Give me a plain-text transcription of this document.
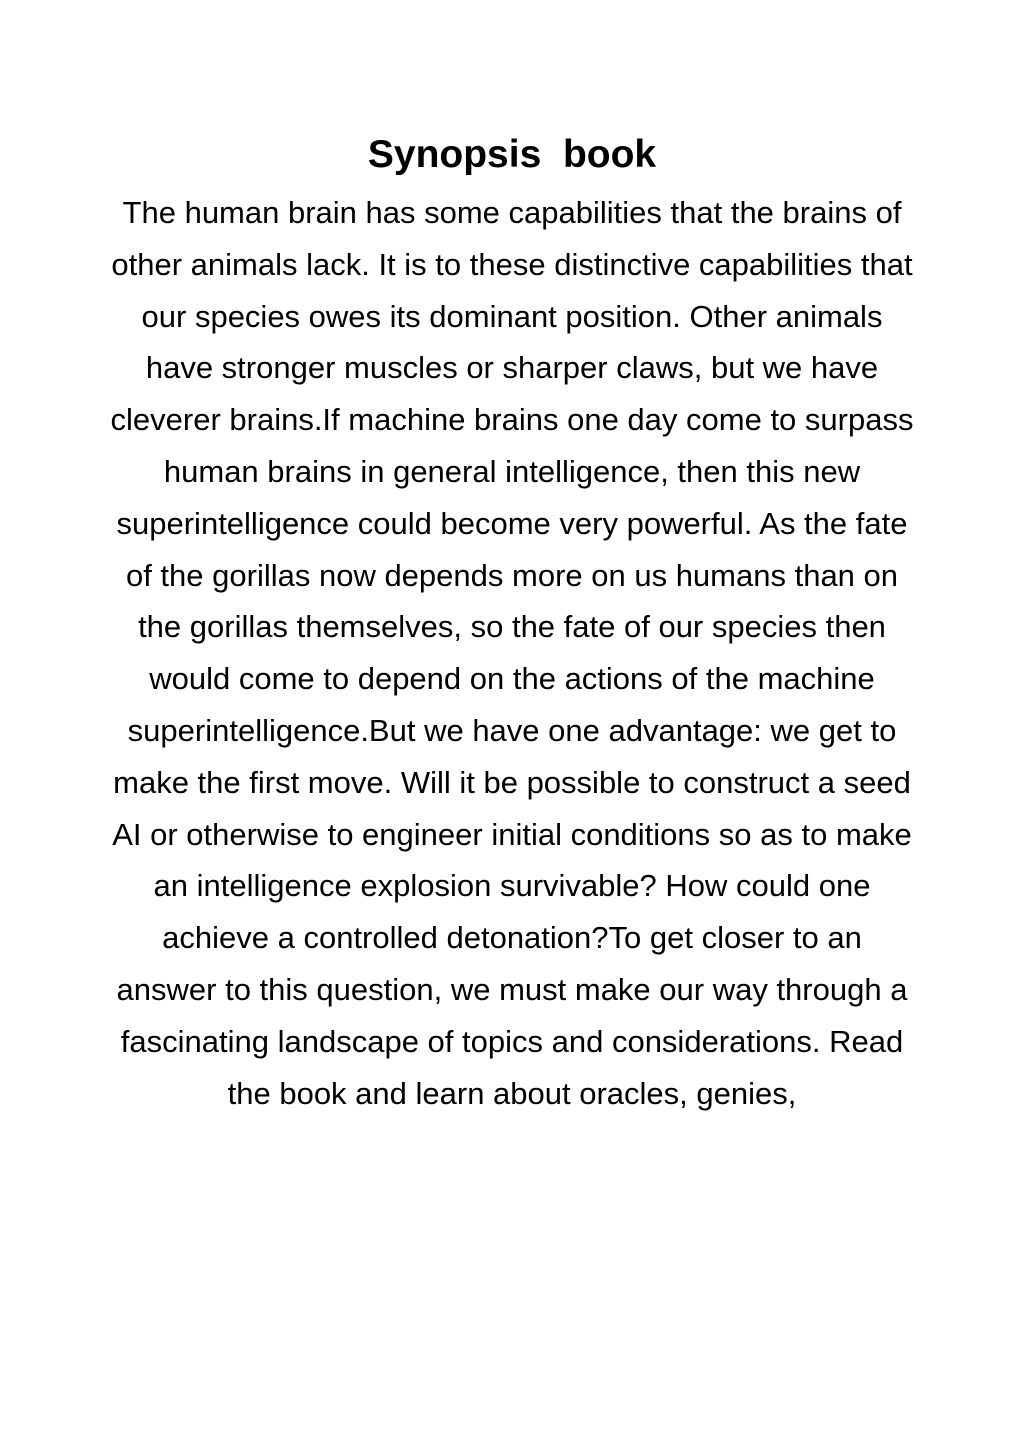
Synopsis  book
The human brain has some capabilities that the brains of
other animals lack. It is to these distinctive capabilities that
our species owes its dominant position. Other animals
have stronger muscles or sharper claws, but we have
cleverer brains.If machine brains one day come to surpass
human brains in general intelligence, then this new
superintelligence could become very powerful. As the fate
of the gorillas now depends more on us humans than on
the gorillas themselves, so the fate of our species then
would come to depend on the actions of the machine
superintelligence.But we have one advantage: we get to
make the first move. Will it be possible to construct a seed
AI or otherwise to engineer initial conditions so as to make
an intelligence explosion survivable? How could one
achieve a controlled detonation?To get closer to an
answer to this question, we must make our way through a
fascinating landscape of topics and considerations. Read
the book and learn about oracles, genies,
